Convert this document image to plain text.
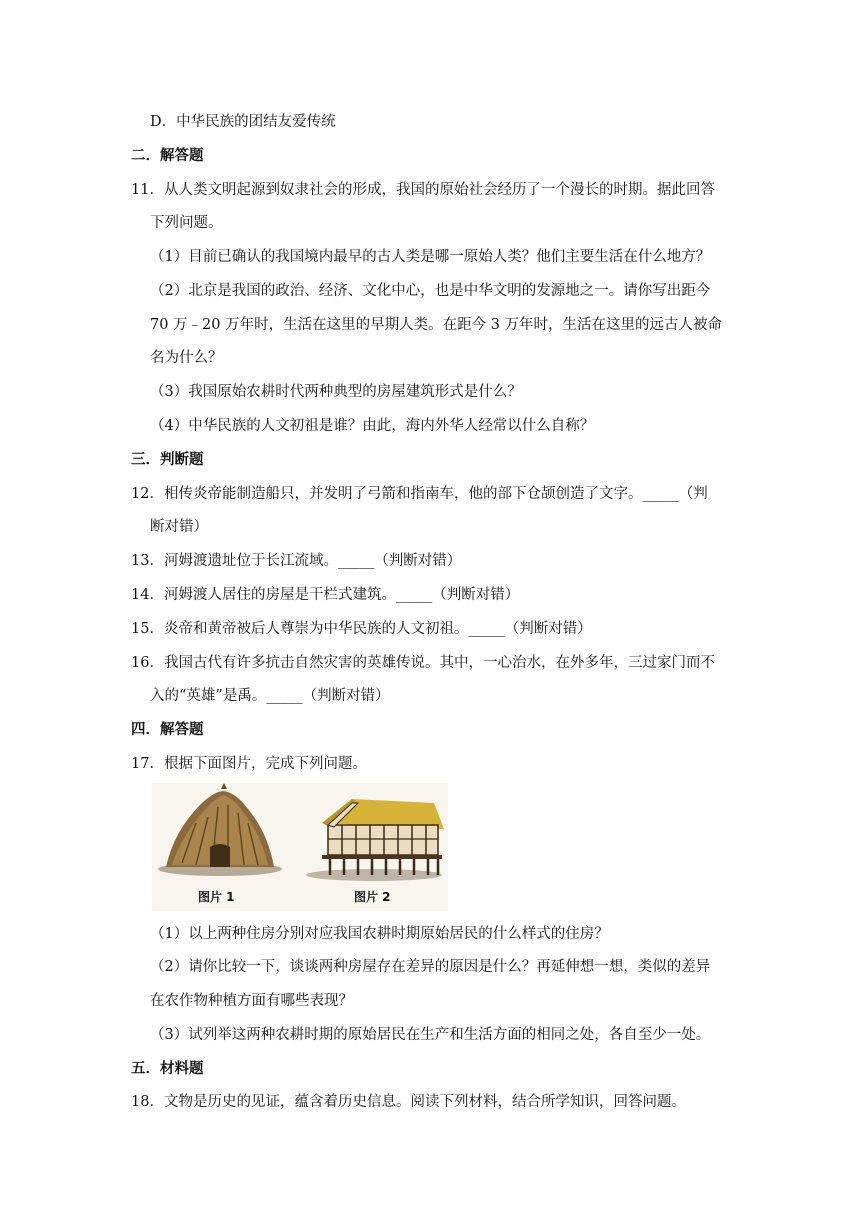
D．中华民族的团结友爱传统
二．解答题
11．从人类文明起源到奴隶社会的形成，我国的原始社会经历了一个漫长的时期。据此回答
下列问题。
（1）目前已确认的我国境内最早的古人类是哪一原始人类？他们主要生活在什么地方？
（2）北京是我国的政治、经济、文化中心，也是中华文明的发源地之一。请你写出距今
70 万﹣20 万年时，生活在这里的早期人类。在距今 3 万年时，生活在这里的远古人被命
名为什么？
（3）我国原始农耕时代两种典型的房屋建筑形式是什么？
（4）中华民族的人文初祖是谁？由此，海内外华人经常以什么自称？
三．判断题
12．相传炎帝能制造船只，并发明了弓箭和指南车，他的部下仓颉创造了文字。_____（判
断对错）
13．河姆渡遗址位于长江流域。_____（判断对错）
14．河姆渡人居住的房屋是干栏式建筑。_____（判断对错）
15．炎帝和黄帝被后人尊崇为中华民族的人文初祖。_____（判断对错）
16．我国古代有许多抗击自然灾害的英雄传说。其中，一心治水，在外多年，三过家门而不
入的“英雄”是禹。_____（判断对错）
四．解答题
17．根据下面图片，完成下列问题。
图片 1	图片 2
（1）以上两种住房分别对应我国农耕时期原始居民的什么样式的住房？
（2）请你比较一下，谈谈两种房屋存在差异的原因是什么？再延伸想一想，类似的差异
在农作物种植方面有哪些表现？
（3）试列举这两种农耕时期的原始居民在生产和生活方面的相同之处，各自至少一处。
五．材料题
18．文物是历史的见证，蕴含着历史信息。阅读下列材料，结合所学知识，回答问题。
